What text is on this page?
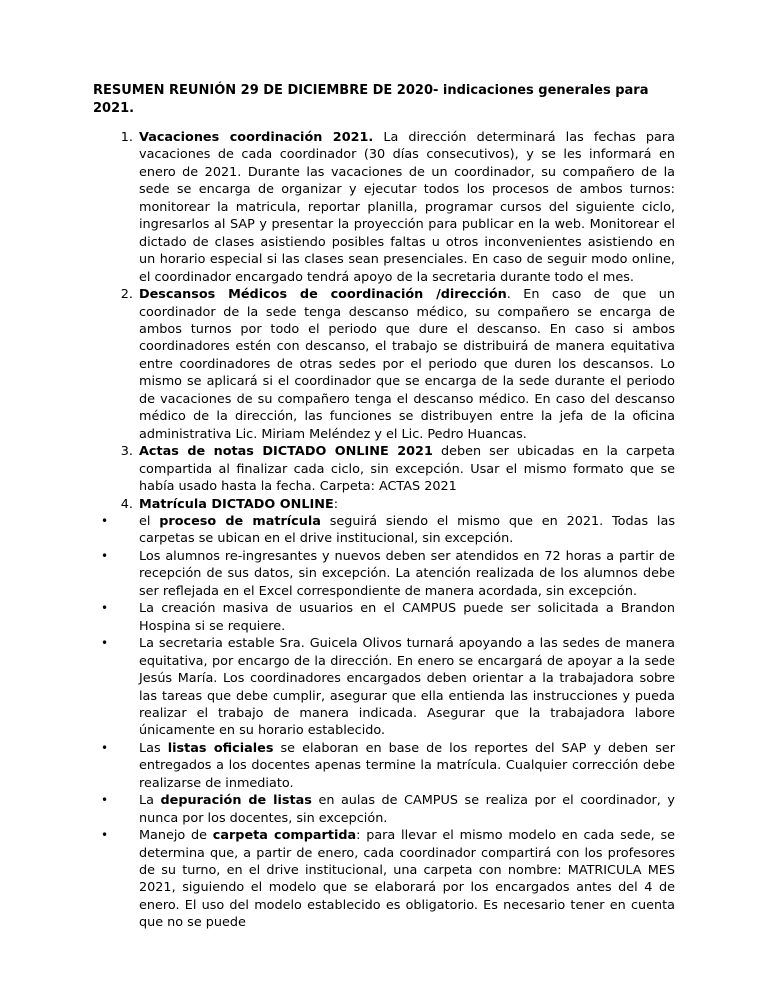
RESUMEN REUNIÓN 29 DE DICIEMBRE DE 2020- indicaciones generales para 2021.
1. Vacaciones coordinación 2021. La dirección determinará las fechas para vacaciones de cada coordinador (30 días consecutivos), y se les informará en enero de 2021. Durante las vacaciones de un coordinador, su compañero de la sede se encarga de organizar y ejecutar todos los procesos de ambos turnos: monitorear la matricula, reportar planilla, programar cursos del siguiente ciclo, ingresarlos al SAP y presentar la proyección para publicar en la web. Monitorear el dictado de clases asistiendo posibles faltas u otros inconvenientes asistiendo en un horario especial si las clases sean presenciales. En caso de seguir modo online, el coordinador encargado tendrá apoyo de la secretaria durante todo el mes.
2. Descansos Médicos de coordinación /dirección. En caso de que un coordinador de la sede tenga descanso médico, su compañero se encarga de ambos turnos por todo el periodo que dure el descanso. En caso si ambos coordinadores estén con descanso, el trabajo se distribuirá de manera equitativa entre coordinadores de otras sedes por el periodo que duren los descansos. Lo mismo se aplicará si el coordinador que se encarga de la sede durante el periodo de vacaciones de su compañero tenga el descanso médico. En caso del descanso médico de la dirección, las funciones se distribuyen entre la jefa de la oficina administrativa Lic. Miriam Meléndez y el Lic. Pedro Huancas.
3. Actas de notas DICTADO ONLINE 2021 deben ser ubicadas en la carpeta compartida al finalizar cada ciclo, sin excepción. Usar el mismo formato que se había usado hasta la fecha. Carpeta: ACTAS 2021
4. Matrícula DICTADO ONLINE:
• el proceso de matrícula seguirá siendo el mismo que en 2021. Todas las carpetas se ubican en el drive institucional, sin excepción.
• Los alumnos re-ingresantes y nuevos deben ser atendidos en 72 horas a partir de recepción de sus datos, sin excepción. La atención realizada de los alumnos debe ser reflejada en el Excel correspondiente de manera acordada, sin excepción.
• La creación masiva de usuarios en el CAMPUS puede ser solicitada a Brandon Hospina si se requiere.
• La secretaria estable Sra. Guicela Olivos turnará apoyando a las sedes de manera equitativa, por encargo de la dirección. En enero se encargará de apoyar a la sede Jesús María. Los coordinadores encargados deben orientar a la trabajadora sobre las tareas que debe cumplir, asegurar que ella entienda las instrucciones y pueda realizar el trabajo de manera indicada. Asegurar que la trabajadora labore únicamente en su horario establecido.
• Las listas oficiales se elaboran en base de los reportes del SAP y deben ser entregados a los docentes apenas termine la matrícula. Cualquier corrección debe realizarse de inmediato.
• La depuración de listas en aulas de CAMPUS se realiza por el coordinador, y nunca por los docentes, sin excepción.
• Manejo de carpeta compartida: para llevar el mismo modelo en cada sede, se determina que, a partir de enero, cada coordinador compartirá con los profesores de su turno, en el drive institucional, una carpeta con nombre: MATRICULA MES 2021, siguiendo el modelo que se elaborará por los encargados antes del 4 de enero. El uso del modelo establecido es obligatorio. Es necesario tener en cuenta que no se puede
